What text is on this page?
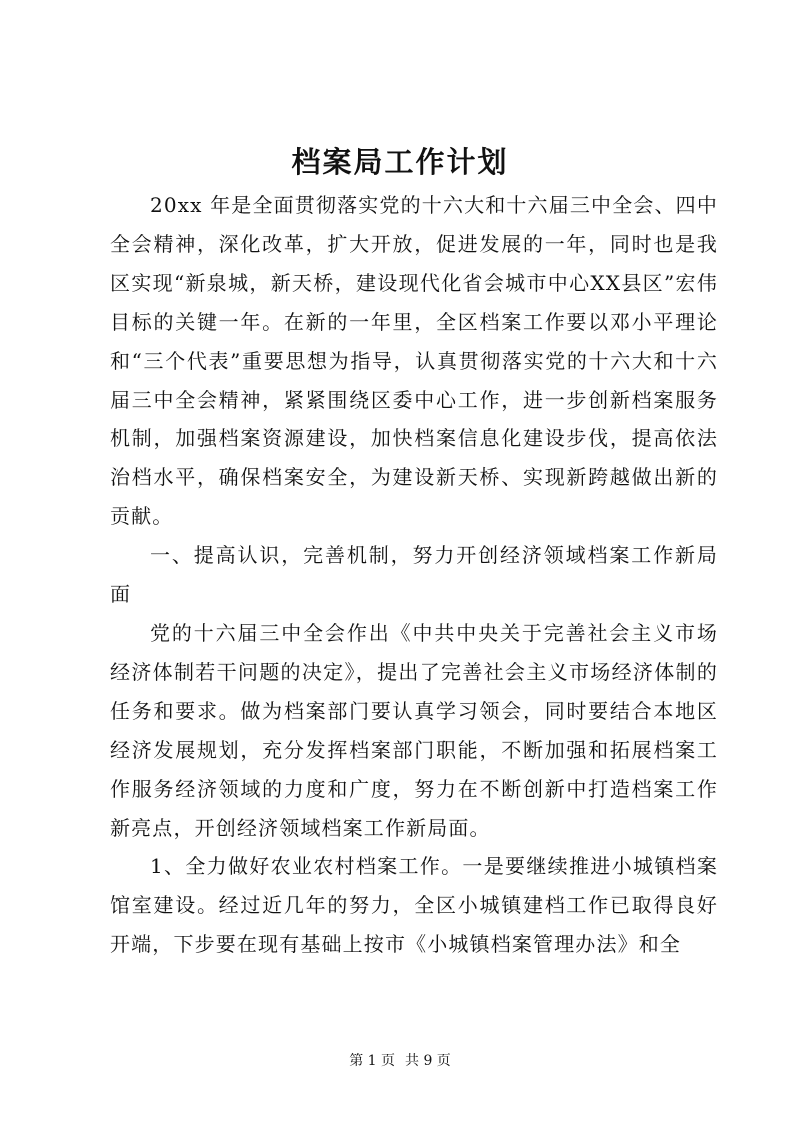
档案局工作计划

20xx 年是全面贯彻落实党的十六大和十六届三中全会、四中全会精神，深化改革，扩大开放，促进发展的一年，同时也是我区实现“新泉城，新天桥，建设现代化省会城市中心XX县区”宏伟目标的关键一年。在新的一年里，全区档案工作要以邓小平理论和“三个代表”重要思想为指导，认真贯彻落实党的十六大和十六届三中全会精神，紧紧围绕区委中心工作，进一步创新档案服务机制，加强档案资源建设，加快档案信息化建设步伐，提高依法治档水平，确保档案安全，为建设新天桥、实现新跨越做出新的贡献。

一、提高认识，完善机制，努力开创经济领域档案工作新局面

党的十六届三中全会作出《中共中央关于完善社会主义市场经济体制若干问题的决定》，提出了完善社会主义市场经济体制的任务和要求。做为档案部门要认真学习领会，同时要结合本地区经济发展规划，充分发挥档案部门职能，不断加强和拓展档案工作服务经济领域的力度和广度，努力在不断创新中打造档案工作新亮点，开创经济领域档案工作新局面。

1、全力做好农业农村档案工作。一是要继续推进小城镇档案馆室建设。经过近几年的努力，全区小城镇建档工作已取得良好开端，下步要在现有基础上按市《小城镇档案管理办法》和全

第 1 页 共 9 页
